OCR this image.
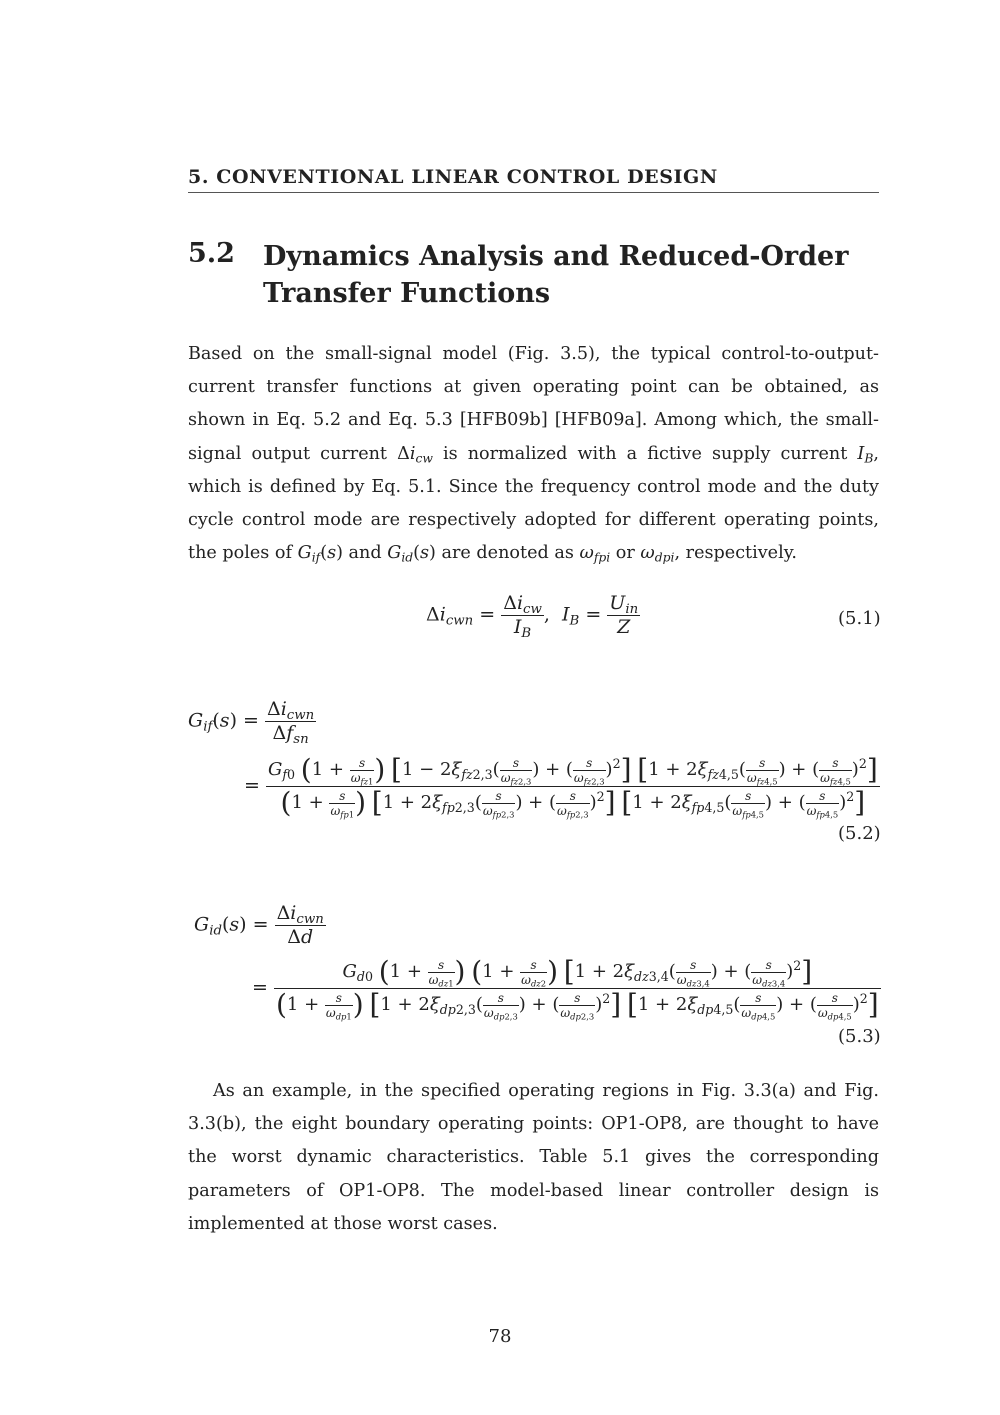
5. CONVENTIONAL LINEAR CONTROL DESIGN
5.2 Dynamics Analysis and Reduced-Order Transfer Functions

Based on the small-signal model (Fig. 3.5), the typical control-to-output-current transfer functions at given operating point can be obtained, as shown in Eq. 5.2 and Eq. 5.3 [HFB09b] [HFB09a]. Among which, the small-signal output current $\Delta i_{cw}$ is normalized with a fictive supply current $I_B$, which is defined by Eq. 5.1. Since the frequency control mode and the duty cycle control mode are respectively adopted for different operating points, the poles of $G_{if}(s)$ and $G_{id}(s)$ are denoted as $\omega_{fpi}$ or $\omega_{dpi}$, respectively.

$\Delta i_{cwn} = \frac{\Delta i_{cw}}{I_B}$ ,  $I_B = \frac{U_{in}}{Z}$	(5.1)
$G_{if}(s) = \frac{\Delta i_{cwn}}{\Delta f_{sn}}$
=
$G_{f0}$ ($1 + \frac{s}{\omega_{fz1}}$ ) [$1 - 2\xi_{fz2,3}( \frac{s}{\omega_{fz2,3}}$ ) + ( $\frac{s}{\omega_{fz2,3}} )^2$] [$1 + 2\xi_{fz4,5}( \frac{s}{\omega_{fz4,5}}$ ) + ( $\frac{s}{\omega_{fz4,5}} )^2$]
($1 + \frac{s}{\omega_{fp1}}$ ) [$1 + 2\xi_{fp2,3}( \frac{s}{\omega_{fp2,3}}$ ) + ( $\frac{s}{\omega_{fp2,3}} )^2$] [$1 + 2\xi_{fp4,5}( \frac{s}{\omega_{fp4,5}}$ ) + ( $\frac{s}{\omega_{fp4,5}} )^2$]
(5.2)
$G_{id}(s) = \frac{\Delta i_{cwn}}{\Delta d}$
=
$G_{d0}$ ($1 + \frac{s}{\omega_{dz1}}$ ) ($1 + \frac{s}{\omega_{dz2}}$ ) [$1 + 2\xi_{dz3,4}( \frac{s}{\omega_{dz3,4}}$ ) + ( $\frac{s}{\omega_{dz3,4}} )^2$]
($1 + \frac{s}{\omega_{dp1}}$ ) [$1 + 2\xi_{dp2,3}( \frac{s}{\omega_{dp2,3}}$ ) + ( $\frac{s}{\omega_{dp2,3}} )^2$] [$1 + 2\xi_{dp4,5}( \frac{s}{\omega_{dp4,5}}$ ) + ( $\frac{s}{\omega_{dp4,5}} )^2$]
(5.3)

As an example, in the specified operating regions in Fig. 3.3(a) and Fig. 3.3(b), the eight boundary operating points: OP1-OP8, are thought to have the worst dynamic characteristics. Table 5.1 gives the corresponding parameters of OP1-OP8. The model-based linear controller design is implemented at those worst cases.

78
